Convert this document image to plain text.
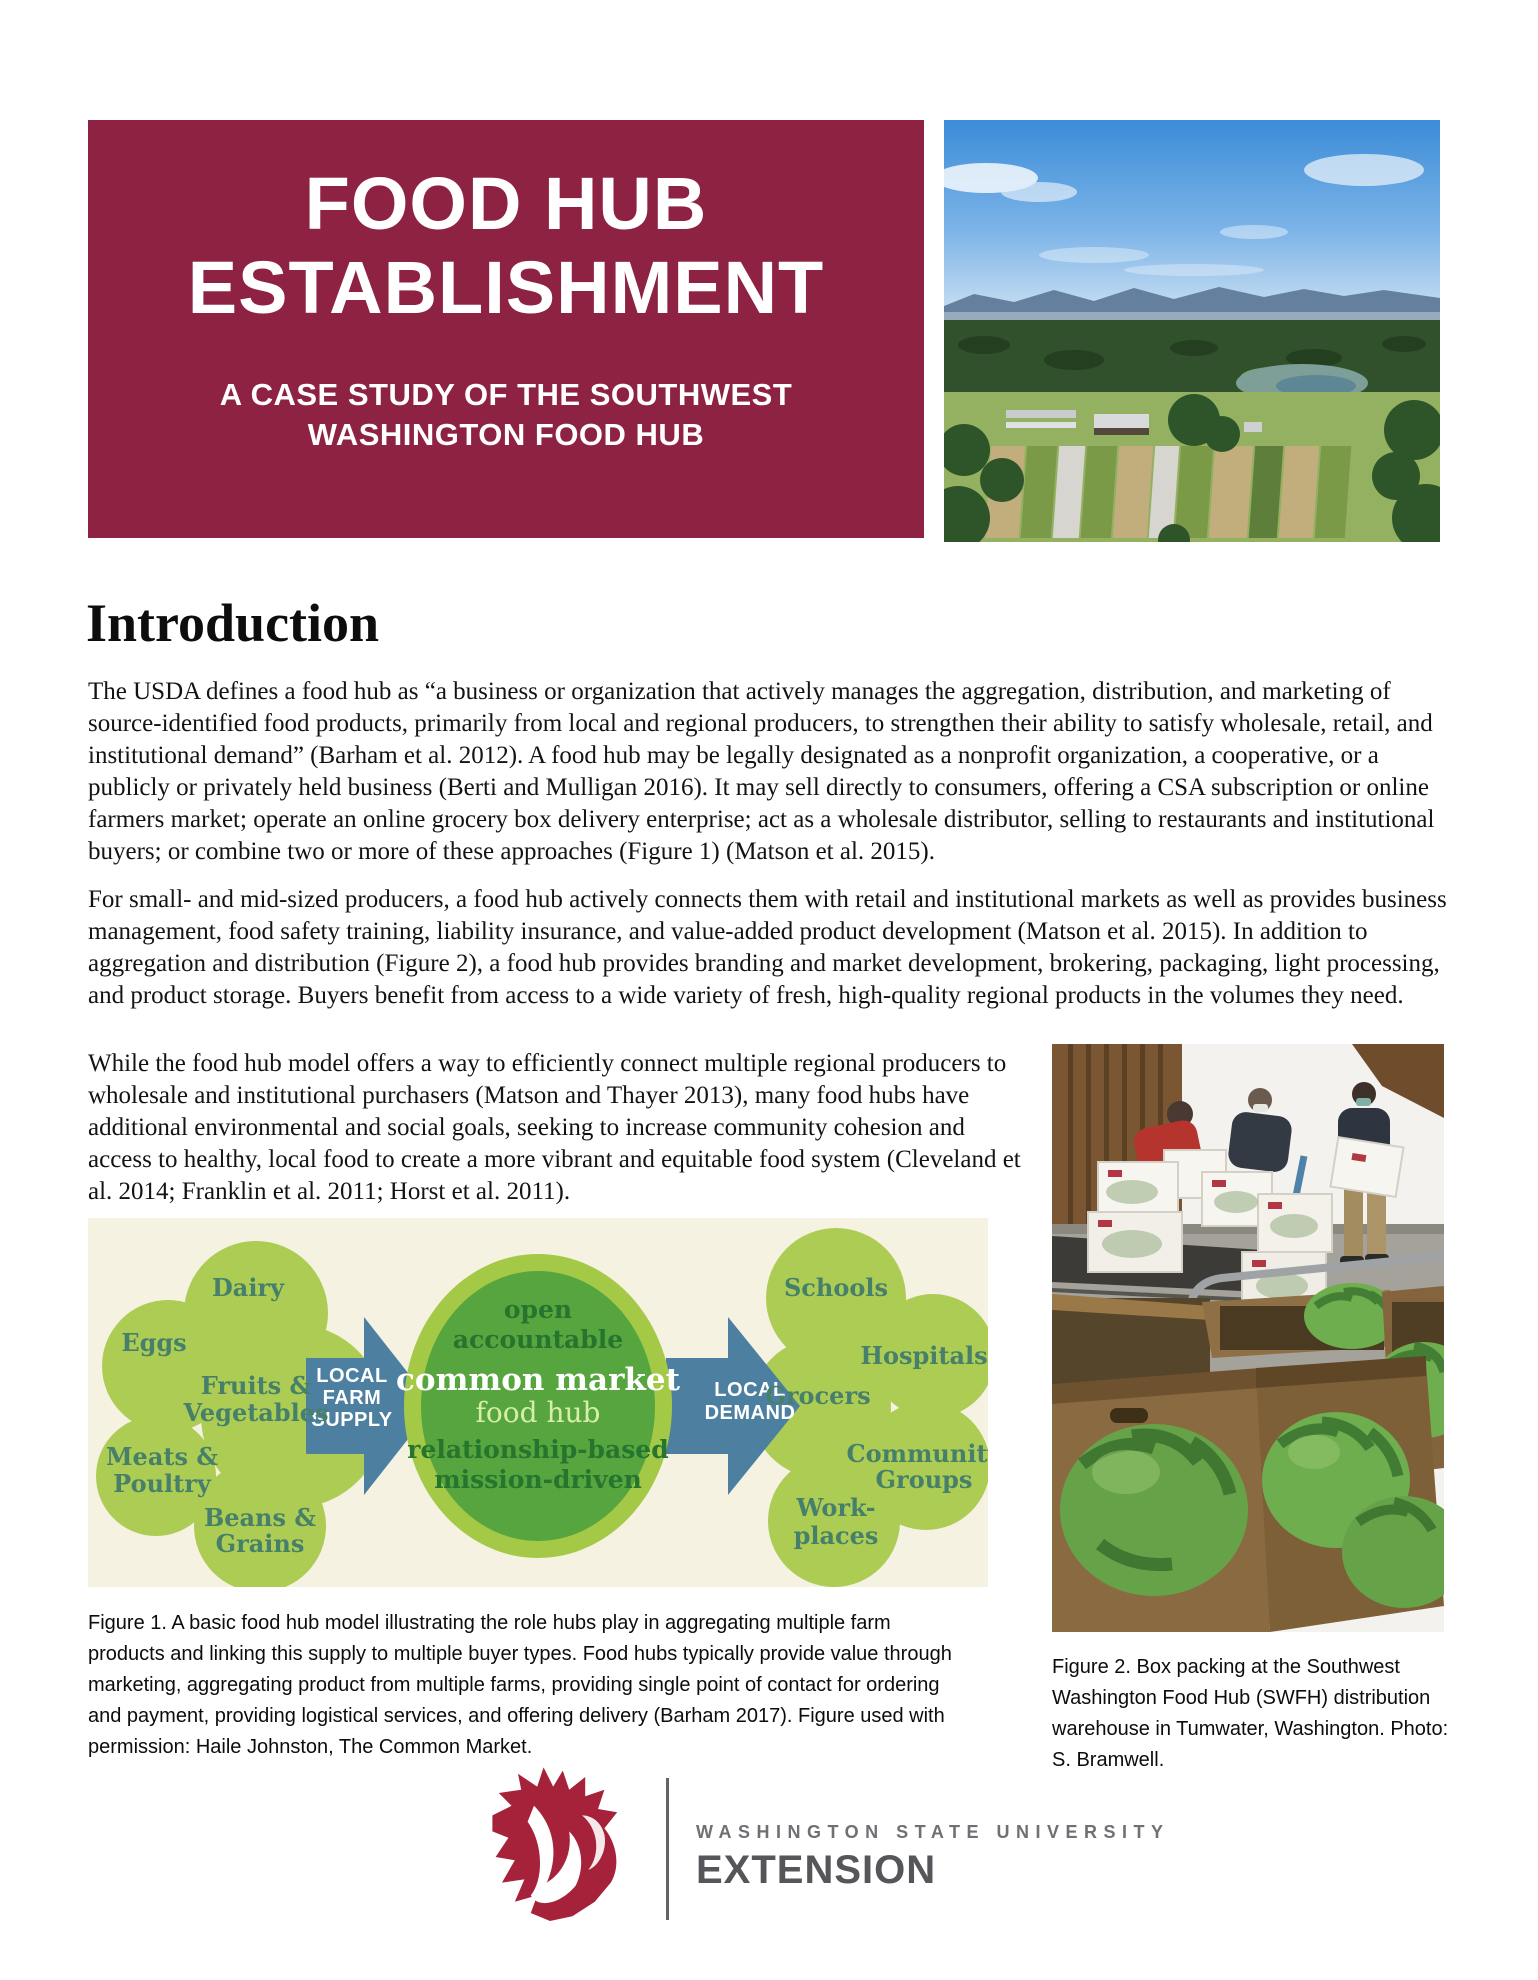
FOOD HUB
ESTABLISHMENT
A CASE STUDY OF THE SOUTHWEST
WASHINGTON FOOD HUB
Introduction

The USDA defines a food hub as “a business or organization that actively manages the aggregation, distribution, and marketing of source-identified food products, primarily from local and regional producers, to strengthen their ability to satisfy wholesale, retail, and institutional demand” (Barham et al. 2012). A food hub may be legally designated as a nonprofit organization, a cooperative, or a publicly or privately held business (Berti and Mulligan 2016). It may sell directly to consumers, offering a CSA subscription or online farmers market; operate an online grocery box delivery enterprise; act as a wholesale distributor, selling to restaurants and institutional buyers; or combine two or more of these approaches (Figure 1) (Matson et al. 2015).

For small- and mid-sized producers, a food hub actively connects them with retail and institutional markets as well as provides business management, food safety training, liability insurance, and value-added product development (Matson et al. 2015). In addition to aggregation and distribution (Figure 2), a food hub provides branding and market development, brokering, packaging, light processing, and product storage. Buyers benefit from access to a wide variety of fresh, high-quality regional products in the volumes they need.

While the food hub model offers a way to efficiently connect multiple regional producers to wholesale and institutional purchasers (Matson and Thayer 2013), many food hubs have additional environmental and social goals, seeking to increase community cohesion and access to healthy, local food to create a more vibrant and equitable food system (Cleveland et al. 2014; Franklin et al. 2011; Horst et al. 2011).

open
accountable
common market
food hub
relationship-based
mission-driven
LOCAL
FARM
SUPPLY
LOCAL
DEMAND
Dairy
Eggs
Fruits &
Vegetables
Meats &
Poultry
Beans &
Grains
Schools
Hospitals
Grocers
Community
Groups
Work-
places
Figure 1. A basic food hub model illustrating the role hubs play in aggregating multiple farm products and linking this supply to multiple buyer types. Food hubs typically provide value through marketing, aggregating product from multiple farms, providing single point of contact for ordering and payment, providing logistical services, and offering delivery (Barham 2017). Figure used with permission: Haile Johnston, The Common Market.
Figure 2. Box packing at the Southwest Washington Food Hub (SWFH) distribution warehouse in Tumwater, Washington. Photo: S. Bramwell.
WASHINGTON STATE UNIVERSITY
EXTENSION
